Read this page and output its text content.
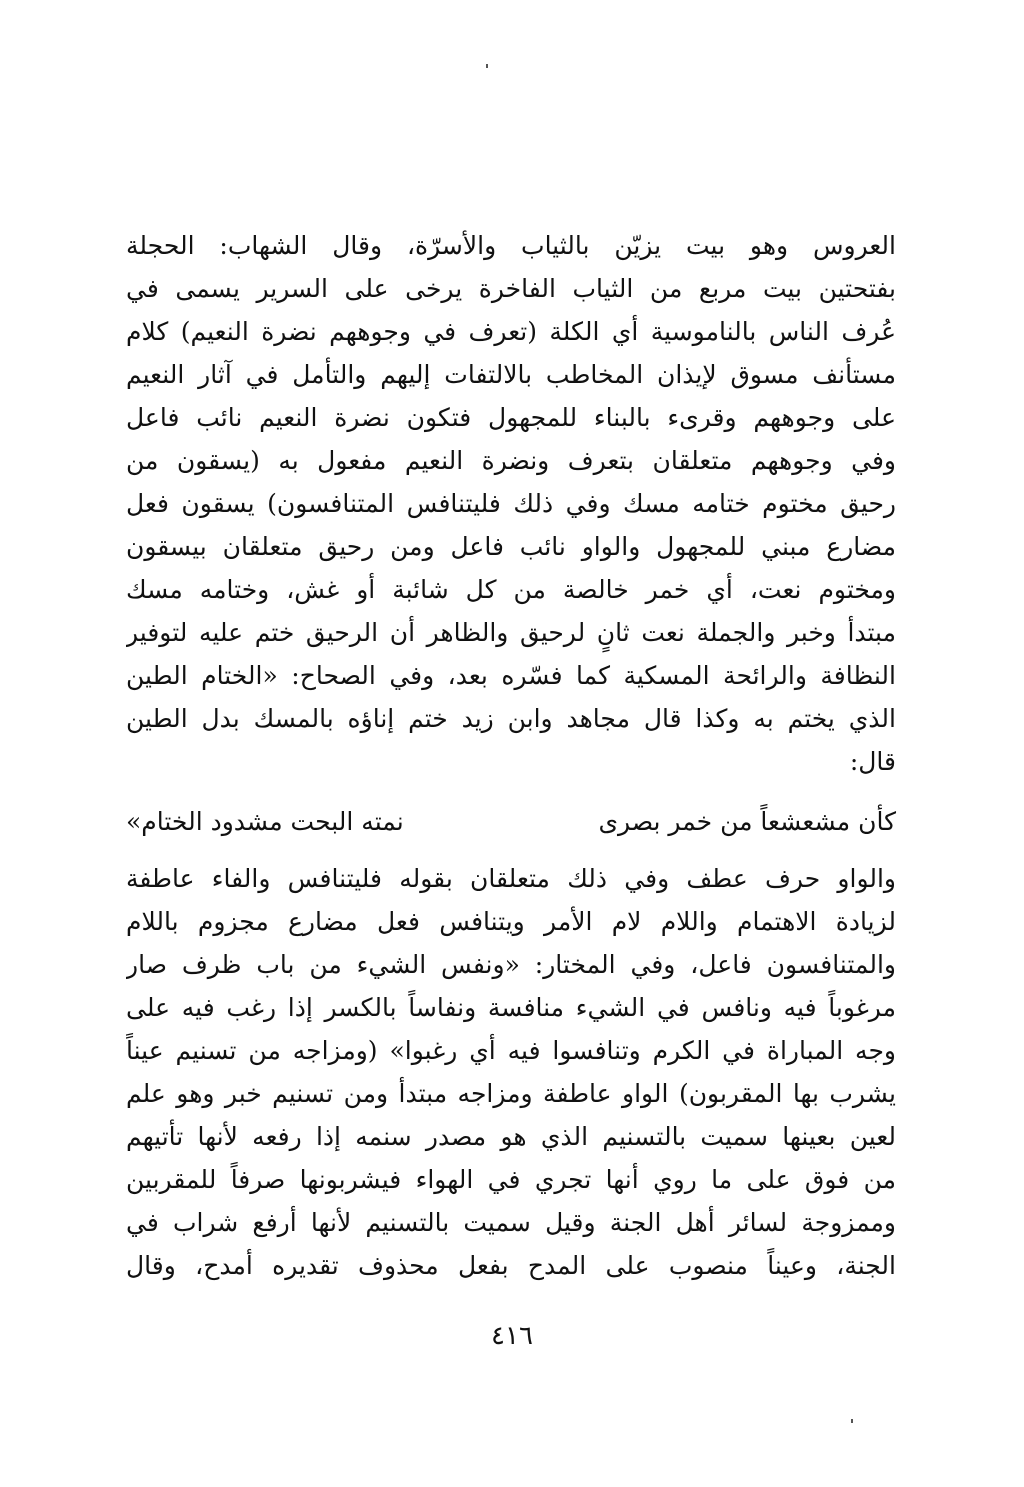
العروس وهو بيت يزيّن بالثياب والأسرّة، وقال الشهاب: الحجلة
بفتحتين بيت مربع من الثياب الفاخرة يرخى على السرير يسمى في
عُرف الناس بالناموسية أي الكلة (تعرف في وجوههم نضرة النعيم) كلام
مستأنف مسوق لإيذان المخاطب بالالتفات إليهم والتأمل في آثار النعيم
على وجوههم وقرىء بالبناء للمجهول فتكون نضرة النعيم نائب فاعل
وفي وجوههم متعلقان بتعرف ونضرة النعيم مفعول به (يسقون من
رحيق مختوم ختامه مسك وفي ذلك فليتنافس المتنافسون) يسقون فعل
مضارع مبني للمجهول والواو نائب فاعل ومن رحيق متعلقان بيسقون
ومختوم نعت، أي خمر خالصة من كل شائبة أو غش، وختامه مسك
مبتدأ وخبر والجملة نعت ثانٍ لرحيق والظاهر أن الرحيق ختم عليه لتوفير
النظافة والرائحة المسكية كما فسّره بعد، وفي الصحاح: «الختام الطين
الذي يختم به وكذا قال مجاهد وابن زيد ختم إناؤه بالمسك بدل الطين
قال:
كأن مشعشعاً من خمر بصرى
نمته البحت مشدود الختام»
والواو حرف عطف وفي ذلك متعلقان بقوله فليتنافس والفاء عاطفة
لزيادة الاهتمام واللام لام الأمر ويتنافس فعل مضارع مجزوم باللام
والمتنافسون فاعل، وفي المختار: «ونفس الشيء من باب ظرف صار
مرغوباً فيه ونافس في الشيء منافسة ونفاساً بالكسر إذا رغب فيه على
وجه المباراة في الكرم وتنافسوا فيه أي رغبوا» (ومزاجه من تسنيم عيناً
يشرب بها المقربون) الواو عاطفة ومزاجه مبتدأ ومن تسنيم خبر وهو علم
لعين بعينها سميت بالتسنيم الذي هو مصدر سنمه إذا رفعه لأنها تأتيهم
من فوق على ما روي أنها تجري في الهواء فيشربونها صرفاً للمقربين
وممزوجة لسائر أهل الجنة وقيل سميت بالتسنيم لأنها أرفع شراب في
الجنة، وعيناً منصوب على المدح بفعل محذوف تقديره أمدح، وقال
٤١٦
